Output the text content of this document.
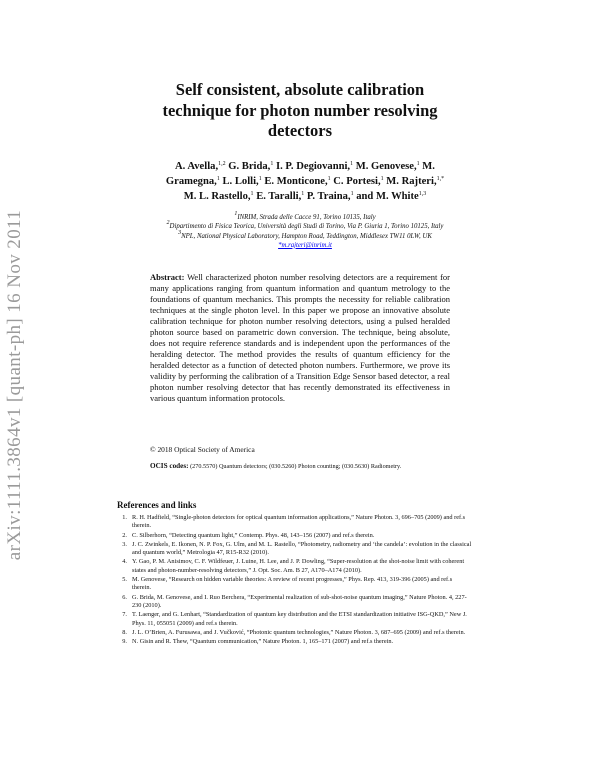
arXiv:1111.3864v1 [quant-ph] 16 Nov 2011
Self consistent, absolute calibration technique for photon number resolving detectors
A. Avella,$^{1,2}$ G. Brida,$^1$ I. P. Degiovanni,$^1$ M. Genovese,$^1$ M. Gramegna,$^1$ L. Lolli,$^1$ E. Monticone,$^1$ C. Portesi,$^1$ M. Rajteri,$^{1,*}$ M. L. Rastello,$^1$ E. Taralli,$^1$ P. Traina,$^1$ and M. White$^{1,3}$
$^1$INRIM, Strada delle Cacce 91, Torino 10135, Italy
$^2$Dipartimento di Fisica Teorica, Università degli Studi di Torino, Via P. Giuria 1, Torino 10125, Italy
$^3$NPL, National Physical Laboratory, Hampton Road, Teddington, Middlesex TW11 0LW, UK
*m.rajteri@inrim.it
Abstract: Well characterized photon number resolving detectors are a requirement for many applications ranging from quantum information and quantum metrology to the foundations of quantum mechanics. This prompts the necessity for reliable calibration techniques at the single photon level. In this paper we propose an innovative absolute calibration technique for photon number resolving detectors, using a pulsed heralded photon source based on parametric down conversion. The technique, being absolute, does not require reference standards and is independent upon the performances of the heralding detector. The method provides the results of quantum efficiency for the heralded detector as a function of detected photon numbers. Furthermore, we prove its validity by performing the calibration of a Transition Edge Sensor based detector, a real photon number resolving detector that has recently demonstrated its effectiveness in various quantum information protocols.
© 2018 Optical Society of America
OCIS codes: (270.5570) Quantum detectors; (030.5260) Photon counting; (030.5630) Radiometry.
References and links
1. R. H. Hadfield, “Single-photon detectors for optical quantum information applications,” Nature Photon. 3, 696–705 (2009) and ref.s therein.
2. C. Silberhorn, “Detecting quantum light,” Contemp. Phys. 48, 143–156 (2007) and ref.s therein.
3. J. C. Zwinkels, E. Ikonen, N. P. Fox, G. Ulm, and M. L. Rastello, “Photometry, radiometry and ‘the candela’: evolution in the classical and quantum world,” Metrologia 47, R15-R32 (2010).
4. Y. Gao, P. M. Anisimov, C. F. Wildfeuer, J. Luine, H. Lee, and J. P. Dowling, “Super-resolution at the shot-noise limit with coherent states and photon-number-resolving detectors,” J. Opt. Soc. Am. B 27, A170–A174 (2010).
5. M. Genovese, “Research on hidden variable theories: A review of recent progresses,” Phys. Rep. 413, 319-396 (2005) and ref.s therein.
6. G. Brida, M. Genovese, and I. Ruo Berchera, “Experimental realization of sub-shot-noise quantum imaging,” Nature Photon. 4, 227-230 (2010).
7. T. Laenger, and G. Lenhart, “Standardization of quantum key distribution and the ETSI standardization initiative ISG-QKD,” New J. Phys. 11, 055051 (2009) and ref.s therein.
8. J. L. O’Brien, A. Furusawa, and J. Vučković, “Photonic quantum technologies,” Nature Photon. 3, 687–695 (2009) and ref.s therein.
9. N. Gisin and R. Thew, “Quantum communication,” Nature Photon. 1, 165–171 (2007) and ref.s therein.
